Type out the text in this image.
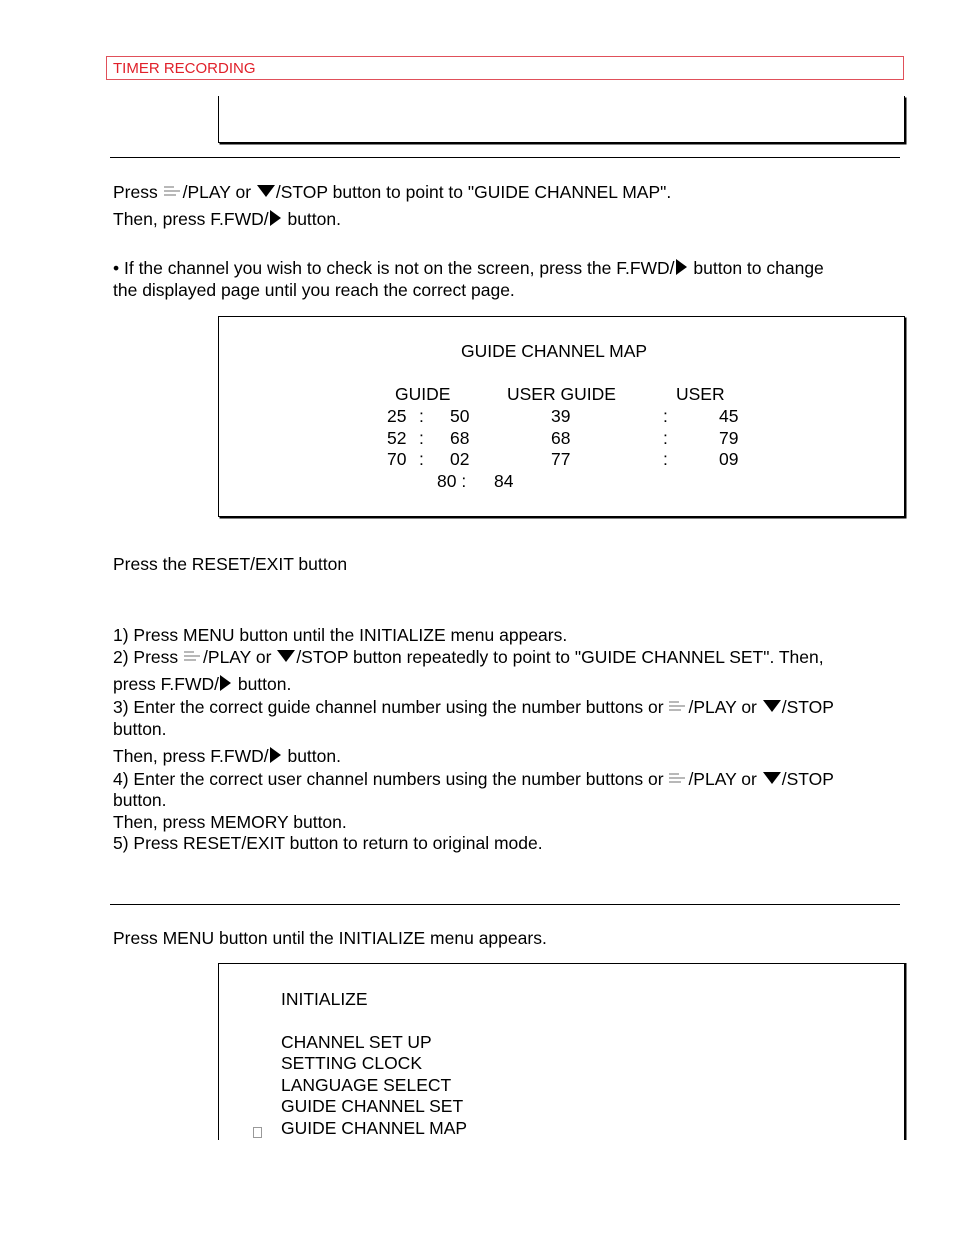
TIMER RECORDING
Press
/PLAY or /STOP button to point to "GUIDE CHANNEL MAP".
Then, press F.FWD/ button.
• If the channel you wish to check is not on the screen, press the F.FWD/ button to change
the displayed page until you reach the correct page.
GUIDE CHANNEL MAP
GUIDE	USER GUIDE	USER
25 : 50	39	:	45
52 : 68	68	:	79
70 : 02	77	:	09
80 : 84
Press the RESET/EXIT button
1) Press MENU button until the INITIALIZE menu appears.
2) Press
/PLAY or /STOP button repeatedly to point to "GUIDE CHANNEL SET". Then,
press F.FWD/ button.
3) Enter the correct guide channel number using the number buttons or
/PLAY or /STOP
button.
Then, press F.FWD/ button.
4) Enter the correct user channel numbers using the number buttons or
/PLAY or /STOP
button.
Then, press MEMORY button.
5) Press RESET/EXIT button to return to original mode.
Press MENU button until the INITIALIZE menu appears.
INITIALIZE
CHANNEL SET UP
SETTING CLOCK
LANGUAGE SELECT
GUIDE CHANNEL SET
GUIDE CHANNEL MAP
